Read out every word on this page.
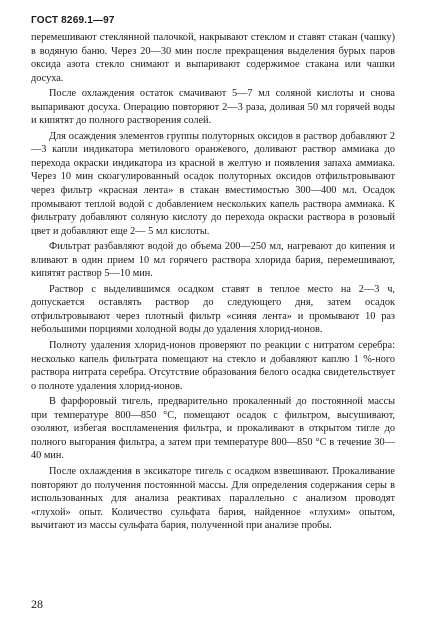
ГОСТ 8269.1—97

перемешивают стеклянной палочкой, накрывают стеклом и ставят стакан (чашку) в водяную баню. Через 20—30 мин после прекращения выделения бурых паров оксида азота стекло снимают и выпаривают содержимое стакана или чашки досуха.

После охлаждения остаток смачивают 5—7 мл соляной кислоты и снова выпаривают досуха. Операцию повторяют 2—3 раза, доливая 50 мл горячей воды и кипятят до полного растворения солей.

Для осаждения элементов группы полуторных оксидов в раствор добавляют 2—3 капли индикатора метилового оранжевого, доливают раствор аммиака до перехода окраски индикатора из красной в желтую и появления запаха аммиака. Через 10 мин скоагулированный осадок полуторных оксидов отфильтровывают через фильтр «красная лента» в стакан вместимостью 300—400 мл. Осадок промывают теплой водой с добавлением нескольких капель раствора аммиака. К фильтрату добавляют соляную кислоту до перехода окраски раствора в розовый цвет и добавляют еще 2— 5 мл кислоты.

Фильтрат разбавляют водой до объема 200—250 мл, нагревают до кипения и вливают в один прием 10 мл горячего раствора хлорида бария, перемешивают, кипятят раствор 5—10 мин.

Раствор с выделившимся осадком ставят в теплое место на 2—3 ч, допускается оставлять раствор до следующего дня, затем осадок отфильтровывают через плотный фильтр «синяя лента» и промывают 10 раз небольшими порциями холодной воды до удаления хлорид-ионов.

Полноту удаления хлорид-ионов проверяют по реакции с нитратом серебра: несколько капель фильтрата помещают на стекло и добавляют каплю 1 %-ного раствора нитрата серебра. Отсутствие образования белого осадка свидетельствует о полноте удаления хлорид-ионов.

В фарфоровый тигель, предварительно прокаленный до постоянной массы при температуре 800—850 °С, помещают осадок с фильтром, высушивают, озоляют, избегая воспламенения фильтра, и прокаливают в открытом тигле до полного выгорания фильтра, а затем при температуре 800—850 °С в течение 30—40 мин.

После охлаждения в эксикаторе тигель с осадком взвешивают. Прокаливание повторяют до получения постоянной массы. Для определения содержания серы в использованных для анализа реактивах параллельно с анализом проводят «глухой» опыт. Количество сульфата бария, найденное «глухим» опытом, вычитают из массы сульфата бария, полученной при анализе пробы.

28
